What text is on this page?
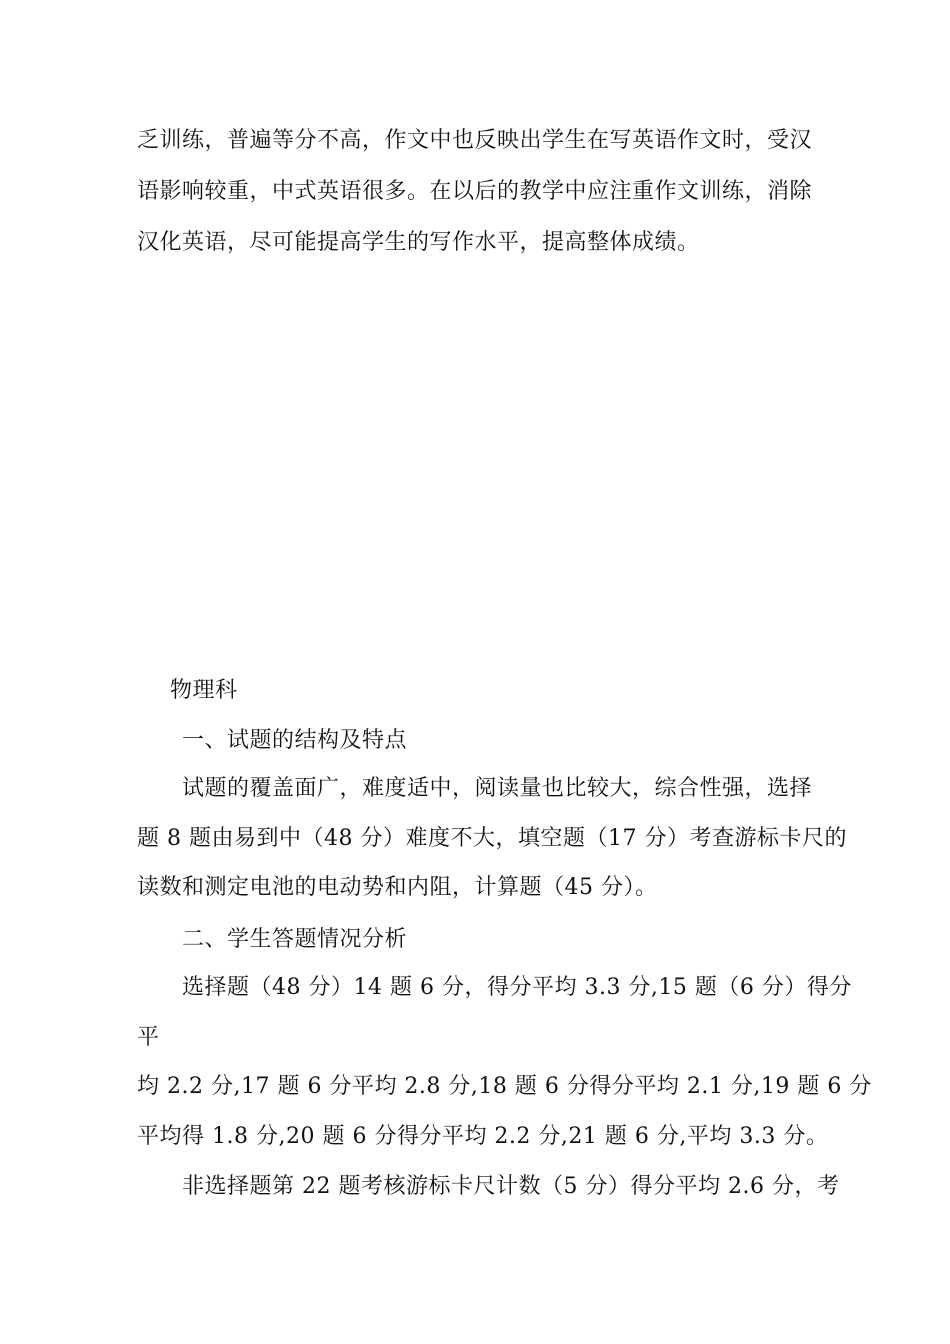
乏训练，普遍等分不高，作文中也反映出学生在写英语作文时，受汉
语影响较重，中式英语很多。在以后的教学中应注重作文训练，消除
汉化英语，尽可能提高学生的写作水平，提高整体成绩。
物理科
一、试题的结构及特点
试题的覆盖面广，难度适中，阅读量也比较大，综合性强，选择
题 8 题由易到中（48 分）难度不大，填空题（17 分）考查游标卡尺的
读数和测定电池的电动势和内阻，计算题（45 分）。
二、学生答题情况分析
选择题（48 分）14 题 6 分，得分平均 3.3 分,15 题（6 分）得分
平
均 2.2 分,17 题 6 分平均 2.8 分,18 题 6 分得分平均 2.1 分,19 题 6 分
平均得 1.8 分,20 题 6 分得分平均 2.2 分,21 题 6 分,平均 3.3 分。
非选择题第 22 题考核游标卡尺计数（5 分）得分平均 2.6 分，考
